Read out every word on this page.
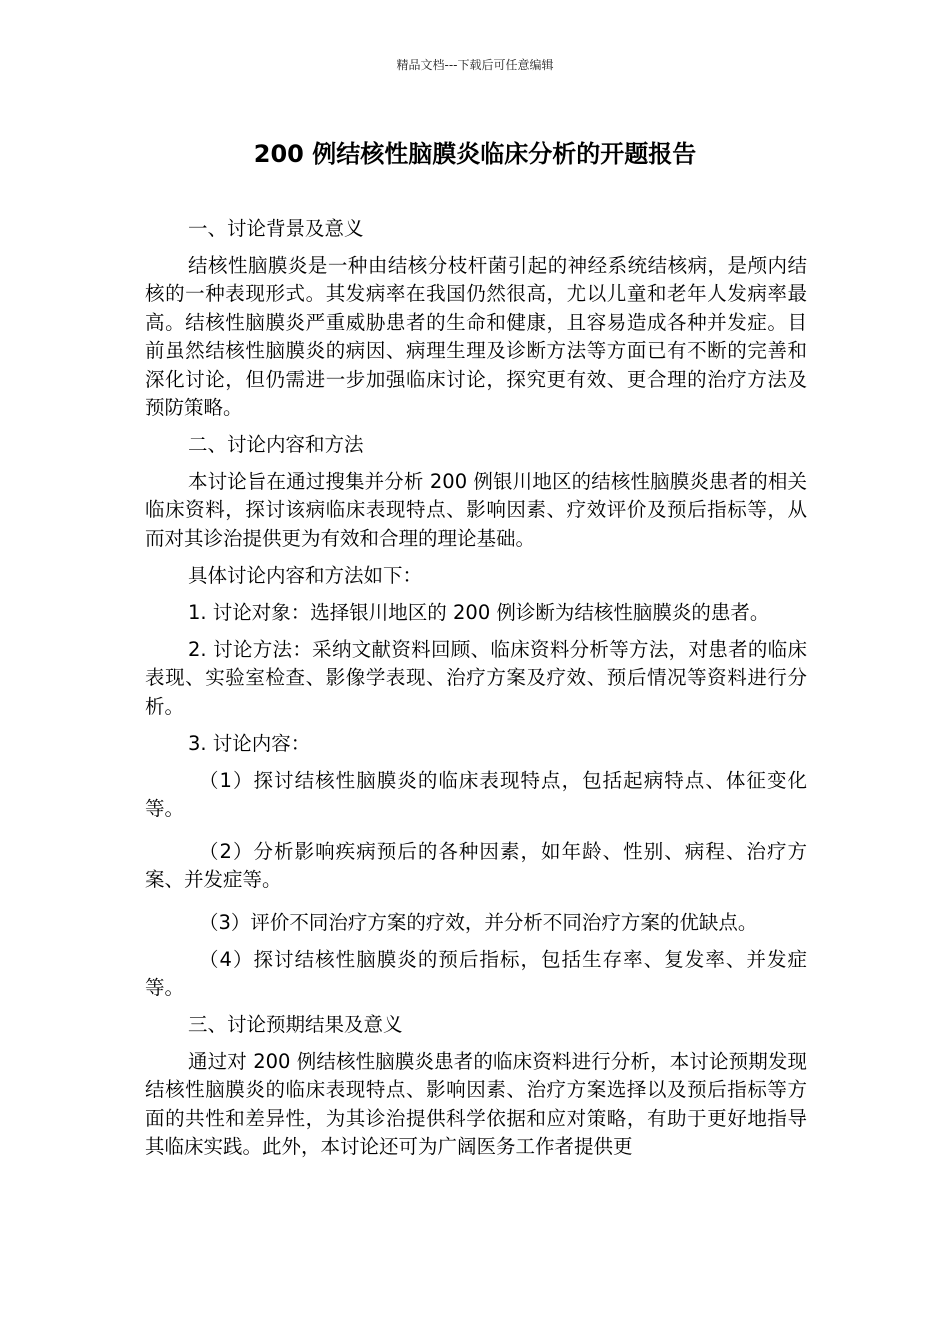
精品文档---下载后可任意编辑
200 例结核性脑膜炎临床分析的开题报告

一、讨论背景及意义

结核性脑膜炎是一种由结核分枝杆菌引起的神经系统结核病，是颅内结核的一种表现形式。其发病率在我国仍然很高，尤以儿童和老年人发病率最高。结核性脑膜炎严重威胁患者的生命和健康，且容易造成各种并发症。目前虽然结核性脑膜炎的病因、病理生理及诊断方法等方面已有不断的完善和深化讨论，但仍需进一步加强临床讨论，探究更有效、更合理的治疗方法及预防策略。

二、讨论内容和方法

本讨论旨在通过搜集并分析 200 例银川地区的结核性脑膜炎患者的相关临床资料，探讨该病临床表现特点、影响因素、疗效评价及预后指标等，从而对其诊治提供更为有效和合理的理论基础。

具体讨论内容和方法如下：

1. 讨论对象：选择银川地区的 200 例诊断为结核性脑膜炎的患者。

2. 讨论方法：采纳文献资料回顾、临床资料分析等方法，对患者的临床表现、实验室检查、影像学表现、治疗方案及疗效、预后情况等资料进行分析。

3. 讨论内容：

（1）探讨结核性脑膜炎的临床表现特点，包括起病特点、体征变化等。

（2）分析影响疾病预后的各种因素，如年龄、性别、病程、治疗方案、并发症等。

（3）评价不同治疗方案的疗效，并分析不同治疗方案的优缺点。

（4）探讨结核性脑膜炎的预后指标，包括生存率、复发率、并发症等。

三、讨论预期结果及意义

通过对 200 例结核性脑膜炎患者的临床资料进行分析，本讨论预期发现结核性脑膜炎的临床表现特点、影响因素、治疗方案选择以及预后指标等方面的共性和差异性，为其诊治提供科学依据和应对策略，有助于更好地指导其临床实践。此外，本讨论还可为广阔医务工作者提供更
